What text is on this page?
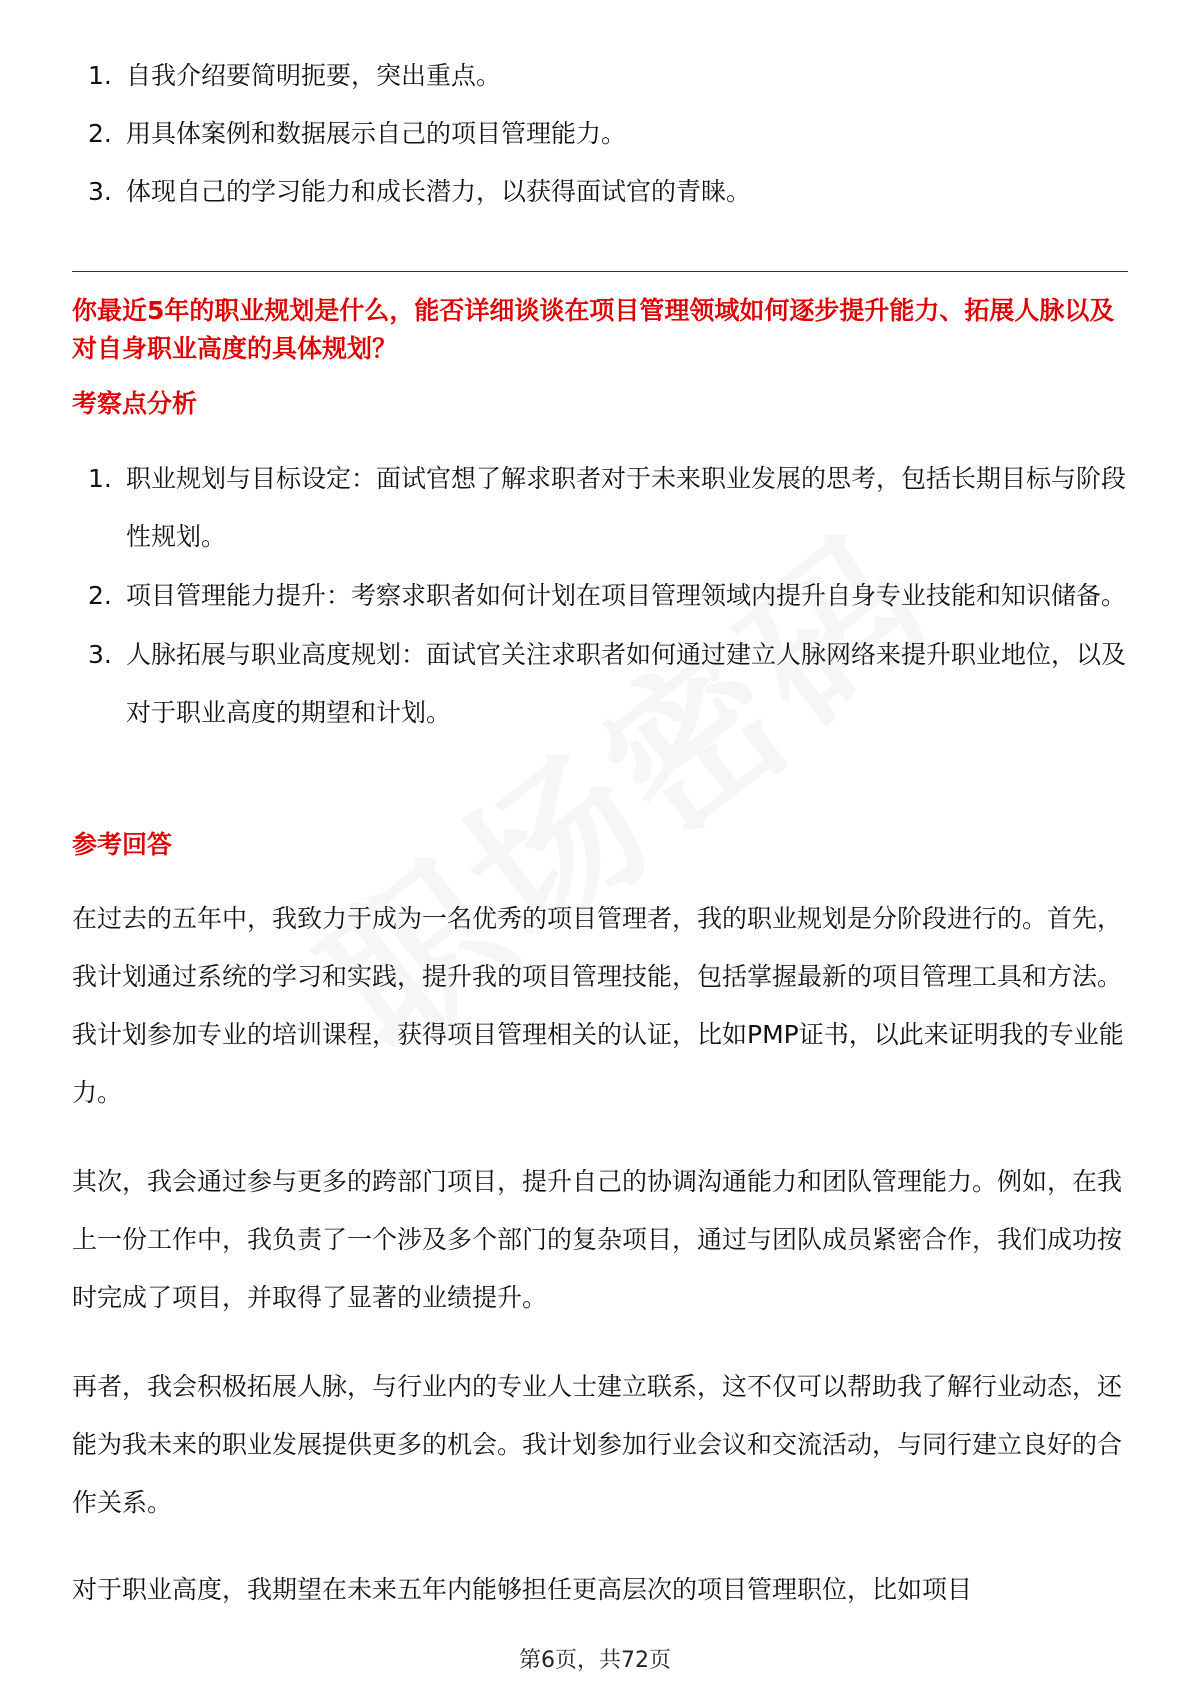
1. 自我介绍要简明扼要，突出重点。
2. 用具体案例和数据展示自己的项目管理能力。
3. 体现自己的学习能力和成长潜力，以获得面试官的青睐。
你最近5年的职业规划是什么，能否详细谈谈在项目管理领域如何逐步提升能力、拓展人脉以及对自身职业高度的具体规划？
考察点分析
1. 职业规划与目标设定：面试官想了解求职者对于未来职业发展的思考，包括长期目标与阶段性规划。
2. 项目管理能力提升：考察求职者如何计划在项目管理领域内提升自身专业技能和知识储备。
3. 人脉拓展与职业高度规划：面试官关注求职者如何通过建立人脉网络来提升职业地位，以及对于职业高度的期望和计划。
参考回答

在过去的五年中，我致力于成为一名优秀的项目管理者，我的职业规划是分阶段进行的。首先，我计划通过系统的学习和实践，提升我的项目管理技能，包括掌握最新的项目管理工具和方法。我计划参加专业的培训课程，获得项目管理相关的认证，比如PMP证书，以此来证明我的专业能力。

其次，我会通过参与更多的跨部门项目，提升自己的协调沟通能力和团队管理能力。例如，在我上一份工作中，我负责了一个涉及多个部门的复杂项目，通过与团队成员紧密合作，我们成功按时完成了项目，并取得了显著的业绩提升。

再者，我会积极拓展人脉，与行业内的专业人士建立联系，这不仅可以帮助我了解行业动态，还能为我未来的职业发展提供更多的机会。我计划参加行业会议和交流活动，与同行建立良好的合作关系。

对于职业高度，我期望在未来五年内能够担任更高层次的项目管理职位，比如项目

第6页，共72页
